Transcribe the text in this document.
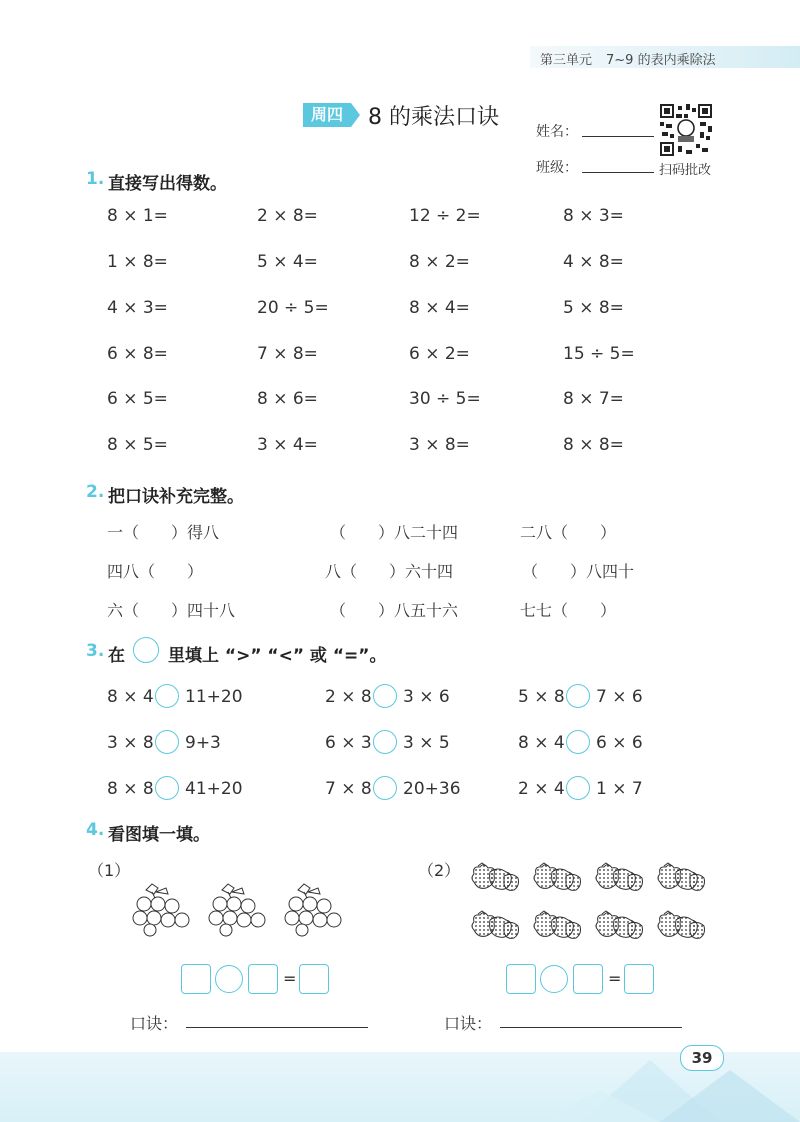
第三单元 7~9 的表内乘除法
周四	8 的乘法口诀
姓名：
班级：	扫码批改
1. 直接写出得数。
8 × 1=	2 × 8=	12 ÷ 2=	8 × 3=
1 × 8=	5 × 4=	8 × 2=	4 × 8=
4 × 3=	20 ÷ 5=	8 × 4=	5 × 8=
6 × 8=	7 × 8=	6 × 2=	15 ÷ 5=
6 × 5=	8 × 6=	30 ÷ 5=	8 × 7=
8 × 5=	3 × 4=	3 × 8=	8 × 8=
2. 把口诀补充完整。
一（　　）得八	（　　）八二十四	二八（　　）
四八（　　）	八（　　）六十四	（　　）八四十
六（　　）四十八	（　　）八五十六	七七（　　）
3. 在	里填上 “>” “<” 或 “=”。
8 × 4 11+20	2 × 8 3 × 6	5 × 8 7 × 6
3 × 8 9+3	6 × 3 3 × 5	8 × 4 6 × 6
8 × 8 41+20	7 × 8 20+36	2 × 4 1 × 7
4. 看图填一填。
（1）	（2）
=	=
口诀：	口诀：
39
